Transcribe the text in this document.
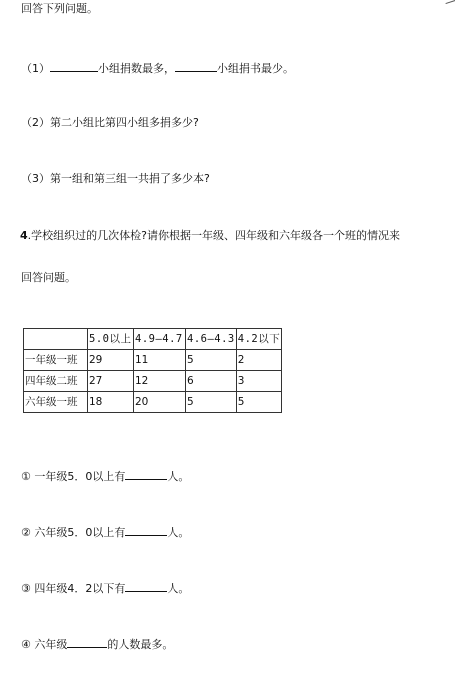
回答下列问题。
（1）	小组捐数最多，	小组捐书最少。
（2）第二小组比第四小组多捐多少?
（3）第一组和第三组一共捐了多少本?
4.学校组织过的几次体检?请你根据一年级、四年级和六年级各一个班的情况来
回答问题。
	5.0以上	4.9—4.7	4.6—4.3	4.2以下
一年级一班	29	11	5	2
四年级二班	27	12	6	3
六年级一班	18	20	5	5
① 一年级5．0以上有	人。
② 六年级5．0以上有	人。
③ 四年级4．2以下有	人。
④ 六年级	的人数最多。
